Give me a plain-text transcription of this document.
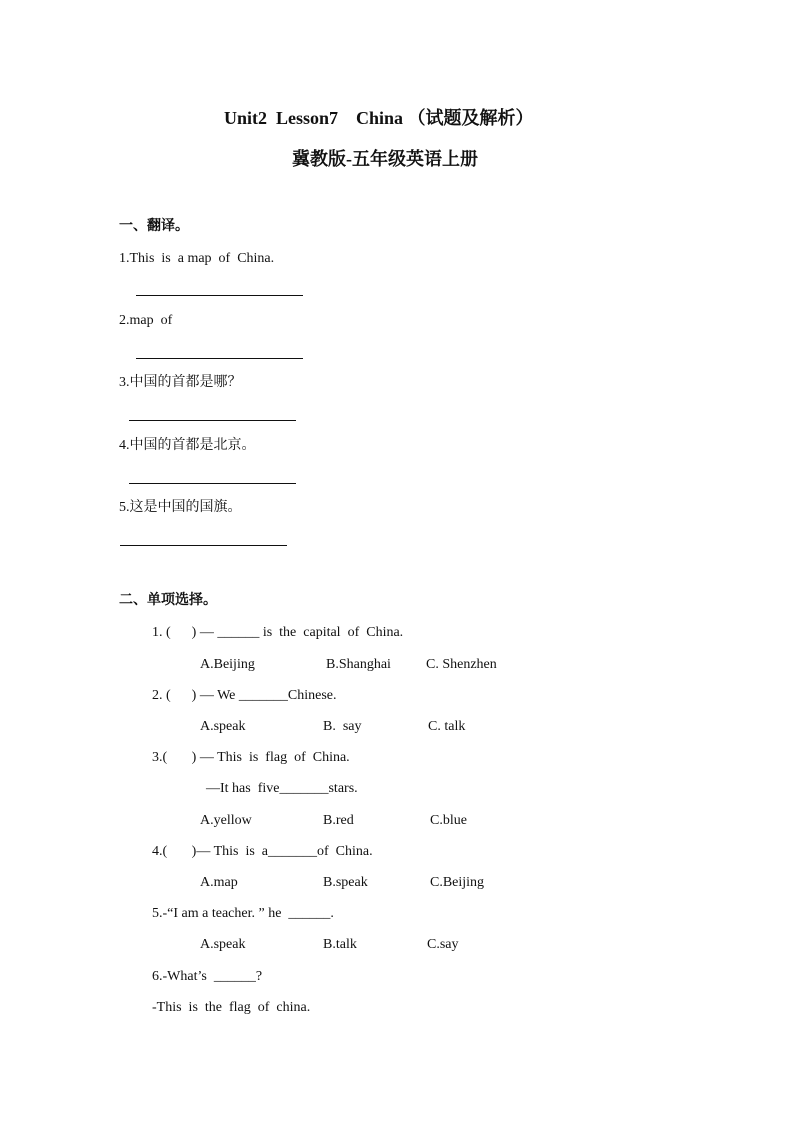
Unit2  Lesson7    China （试题及解析）
冀教版-五年级英语上册
一、翻译。
1.This  is  a map  of  China.
2.map  of
3.中国的首都是哪？
4.中国的首都是北京。
5.这是中国的国旗。
二、单项选择。
1. (      ) — ______ is  the  capital  of  China.
A.Beijing	B.Shanghai	C. Shenzhen
2. (      ) — We _______Chinese.
A.speak	B.  say	C. talk
3.(       ) — This  is  flag  of  China.
—It has  five_______stars.
A.yellow	B.red	C.blue
4.(       )— This  is  a_______of  China.
A.map	B.speak	C.Beijing
5.-“I am a teacher. ” he  ______.
A.speak	B.talk	C.say
6.-What’s  ______?
-This  is  the  flag  of  china.
